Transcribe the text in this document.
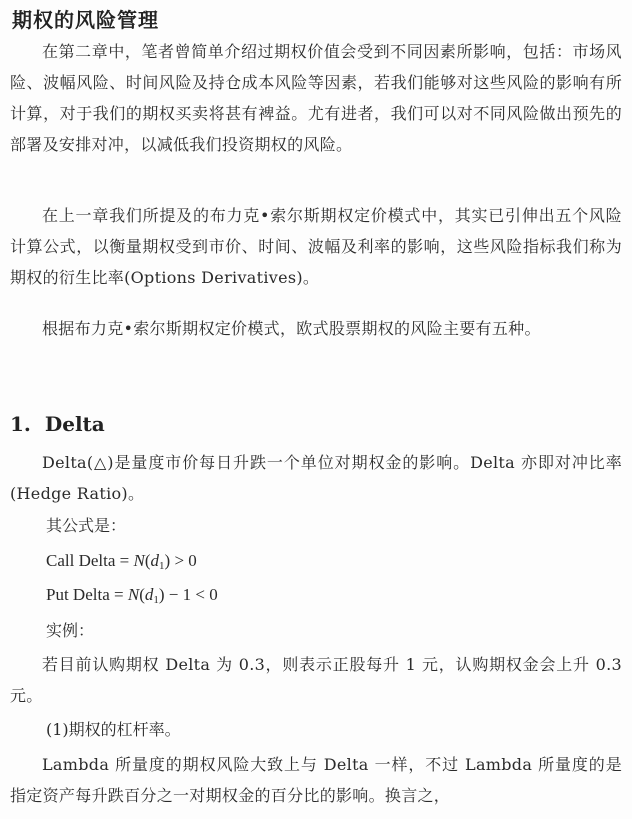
期权的风险管理

在第二章中，笔者曾简单介绍过期权价值会受到不同因素所影响，包括：市场风险、波幅风险、时间风险及持仓成本风险等因素，若我们能够对这些风险的影响有所计算，对于我们的期权买卖将甚有裨益。尤有进者，我们可以对不同风险做出预先的部署及安排对冲，以减低我们投资期权的风险。

在上一章我们所提及的布力克•索尔斯期权定价模式中，其实已引伸出五个风险计算公式，以衡量期权受到市价、时间、波幅及利率的影响，这些风险指标我们称为期权的衍生比率(Options Derivatives)。

根据布力克•索尔斯期权定价模式，欧式股票期权的风险主要有五种。

1. Delta

Delta(△)是量度市价每日升跌一个单位对期权金的影响。Delta 亦即对冲比率(Hedge Ratio)。

其公式是：

Call Delta = $N(d_1) > 0$

Put Delta = $N(d_1) - 1 < 0$

实例：

若目前认购期权 Delta 为 0.3，则表示正股每升 1 元，认购期权金会上升 0.3 元。

(1)期权的杠杆率。

Lambda 所量度的期权风险大致上与 Delta 一样，不过 Lambda 所量度的是指定资产每升跌百分之一对期权金的百分比的影响。换言之，
